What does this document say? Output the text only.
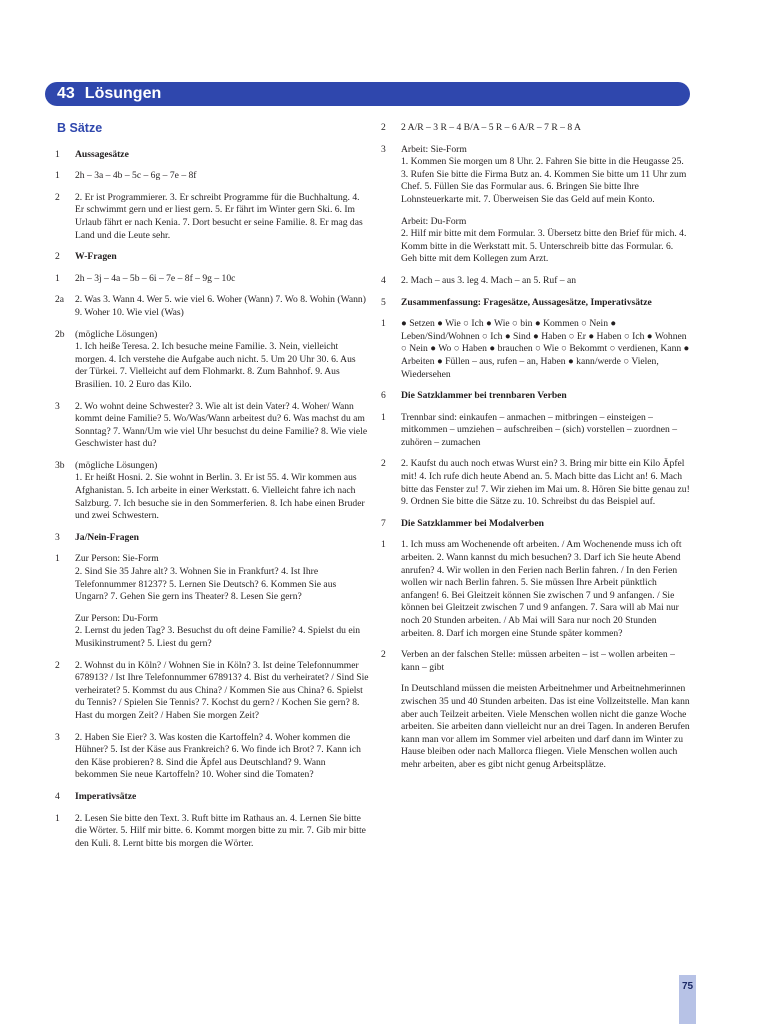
43 Lösungen
B Sätze
1	Aussagesätze
1	2h – 3a – 4b – 5c – 6g – 7e – 8f
2	2. Er ist Programmierer. 3. Er schreibt Programme für die Buchhaltung. 4. Er schwimmt gern und er liest gern. 5. Er fährt im Winter gern Ski. 6. Im Urlaub fährt er nach Kenia. 7. Dort besucht er seine Familie. 8. Er mag das Land und die Leute sehr.
2	W-Fragen
1	2h – 3j – 4a – 5b – 6i – 7e – 8f – 9g – 10c
2a	2. Was 3. Wann 4. Wer 5. wie viel 6. Woher (Wann) 7. Wo 8. Wohin (Wann) 9. Woher 10. Wie viel (Was)
2b	(mögliche Lösungen)
1. Ich heiße Teresa. 2. Ich besuche meine Familie. 3. Nein, vielleicht morgen. 4. Ich verstehe die Aufgabe auch nicht. 5. Um 20 Uhr 30. 6. Aus der Türkei. 7. Vielleicht auf dem Flohmarkt. 8. Zum Bahnhof. 9. Aus Brasilien. 10. 2 Euro das Kilo.
3	2. Wo wohnt deine Schwester? 3. Wie alt ist dein Vater? 4. Woher/ Wann kommt deine Familie? 5. Wo/Was/Wann arbeitest du? 6. Was machst du am Sonntag? 7. Wann/Um wie viel Uhr besuchst du deine Familie? 8. Wie viele Geschwister hast du?
3b	(mögliche Lösungen)
1. Er heißt Hosni. 2. Sie wohnt in Berlin. 3. Er ist 55. 4. Wir kommen aus Afghanistan. 5. Ich arbeite in einer Werkstatt. 6. Vielleicht fahre ich nach Salzburg. 7. Ich besuche sie in den Sommerferien. 8. Ich habe einen Bruder und zwei Schwestern.
3	Ja/Nein-Fragen
1	Zur Person: Sie-Form
2. Sind Sie 35 Jahre alt? 3. Wohnen Sie in Frankfurt? 4. Ist Ihre Telefonnummer 81237? 5. Lernen Sie Deutsch? 6. Kommen Sie aus Ungarn? 7. Gehen Sie gern ins Theater? 8. Lesen Sie gern?
Zur Person: Du-Form
2. Lernst du jeden Tag? 3. Besuchst du oft deine Familie? 4. Spielst du ein Musikinstrument? 5. Liest du gern?
2	2. Wohnst du in Köln? / Wohnen Sie in Köln? 3. Ist deine Telefonnummer 678913? / Ist Ihre Telefonnummer 678913? 4. Bist du verheiratet? / Sind Sie verheiratet? 5. Kommst du aus China? / Kommen Sie aus China? 6. Spielst du Tennis? / Spielen Sie Tennis? 7. Kochst du gern? / Kochen Sie gern? 8. Hast du morgen Zeit? / Haben Sie morgen Zeit?
3	2. Haben Sie Eier? 3. Was kosten die Kartoffeln? 4. Woher kommen die Hühner? 5. Ist der Käse aus Frankreich? 6. Wo finde ich Brot? 7. Kann ich den Käse probieren? 8. Sind die Äpfel aus Deutschland? 9. Wann bekommen Sie neue Kartoffeln? 10. Woher sind die Tomaten?
4	Imperativsätze
1	2. Lesen Sie bitte den Text. 3. Ruft bitte im Rathaus an. 4. Lernen Sie bitte die Wörter. 5. Hilf mir bitte. 6. Kommt morgen bitte zu mir. 7. Gib mir bitte den Kuli. 8. Lernt bitte bis morgen die Wörter.
2	2 A/R – 3 R – 4 B/A – 5 R – 6 A/R – 7 R – 8 A
3	Arbeit: Sie-Form
1. Kommen Sie morgen um 8 Uhr. 2. Fahren Sie bitte in die Heugasse 25. 3. Rufen Sie bitte die Firma Butz an. 4. Kommen Sie bitte um 11 Uhr zum Chef. 5. Füllen Sie das Formular aus. 6. Bringen Sie bitte Ihre Lohnsteuerkarte mit. 7. Überweisen Sie das Geld auf mein Konto.
Arbeit: Du-Form
2. Hilf mir bitte mit dem Formular. 3. Übersetz bitte den Brief für mich. 4. Komm bitte in die Werkstatt mit. 5. Unterschreib bitte das Formular. 6. Geh bitte mit dem Kollegen zum Arzt.
4	2. Mach – aus 3. leg 4. Mach – an 5. Ruf – an
5	Zusammenfassung: Fragesätze, Aussagesätze, Imperativsätze
1	● Setzen ● Wie ○ Ich ● Wie ○ bin ● Kommen ○ Nein ● Leben/Sind/Wohnen ○ Ich ● Sind ● Haben ○ Er ● Haben ○ Ich ● Wohnen ○ Nein ● Wo ○ Haben ● brauchen ○ Wie ○ Bekommt ○ verdienen, Kann ● Arbeiten ● Füllen – aus, rufen – an, Haben ● kann/werde ○ Vielen, Wiedersehen
6	Die Satzklammer bei trennbaren Verben
1	Trennbar sind: einkaufen – anmachen – mitbringen – einsteigen – mitkommen – umziehen – aufschreiben – (sich) vorstellen – zuordnen – zuhören – zumachen
2	2. Kaufst du auch noch etwas Wurst ein? 3. Bring mir bitte ein Kilo Äpfel mit! 4. Ich rufe dich heute Abend an. 5. Mach bitte das Licht an! 6. Mach bitte das Fenster zu! 7. Wir ziehen im Mai um. 8. Hören Sie bitte genau zu! 9. Ordnen Sie bitte die Sätze zu. 10. Schreibst du das Beispiel auf.
7	Die Satzklammer bei Modalverben
1	1. Ich muss am Wochenende oft arbeiten. / Am Wochenende muss ich oft arbeiten. 2. Wann kannst du mich besuchen? 3. Darf ich Sie heute Abend anrufen? 4. Wir wollen in den Ferien nach Berlin fahren. / In den Ferien wollen wir nach Berlin fahren. 5. Sie müssen Ihre Arbeit pünktlich anfangen! 6. Bei Gleitzeit können Sie zwischen 7 und 9 anfangen. / Sie können bei Gleitzeit zwischen 7 und 9 anfangen. 7. Sara will ab Mai nur noch 20 Stunden arbeiten. / Ab Mai will Sara nur noch 20 Stunden arbeiten. 8. Darf ich morgen eine Stunde später kommen?
2	Verben an der falschen Stelle: müssen arbeiten – ist – wollen arbeiten – kann – gibt
In Deutschland müssen die meisten Arbeitnehmer und Arbeitnehmerinnen zwischen 35 und 40 Stunden arbeiten. Das ist eine Vollzeitstelle. Man kann aber auch Teilzeit arbeiten. Viele Menschen wollen nicht die ganze Woche arbeiten. Sie arbeiten dann vielleicht nur an drei Tagen. In anderen Berufen kann man vor allem im Sommer viel arbeiten und darf dann im Winter zu Hause bleiben oder nach Mallorca fliegen. Viele Menschen wollen auch mehr arbeiten, aber es gibt nicht genug Arbeitsplätze.
75
